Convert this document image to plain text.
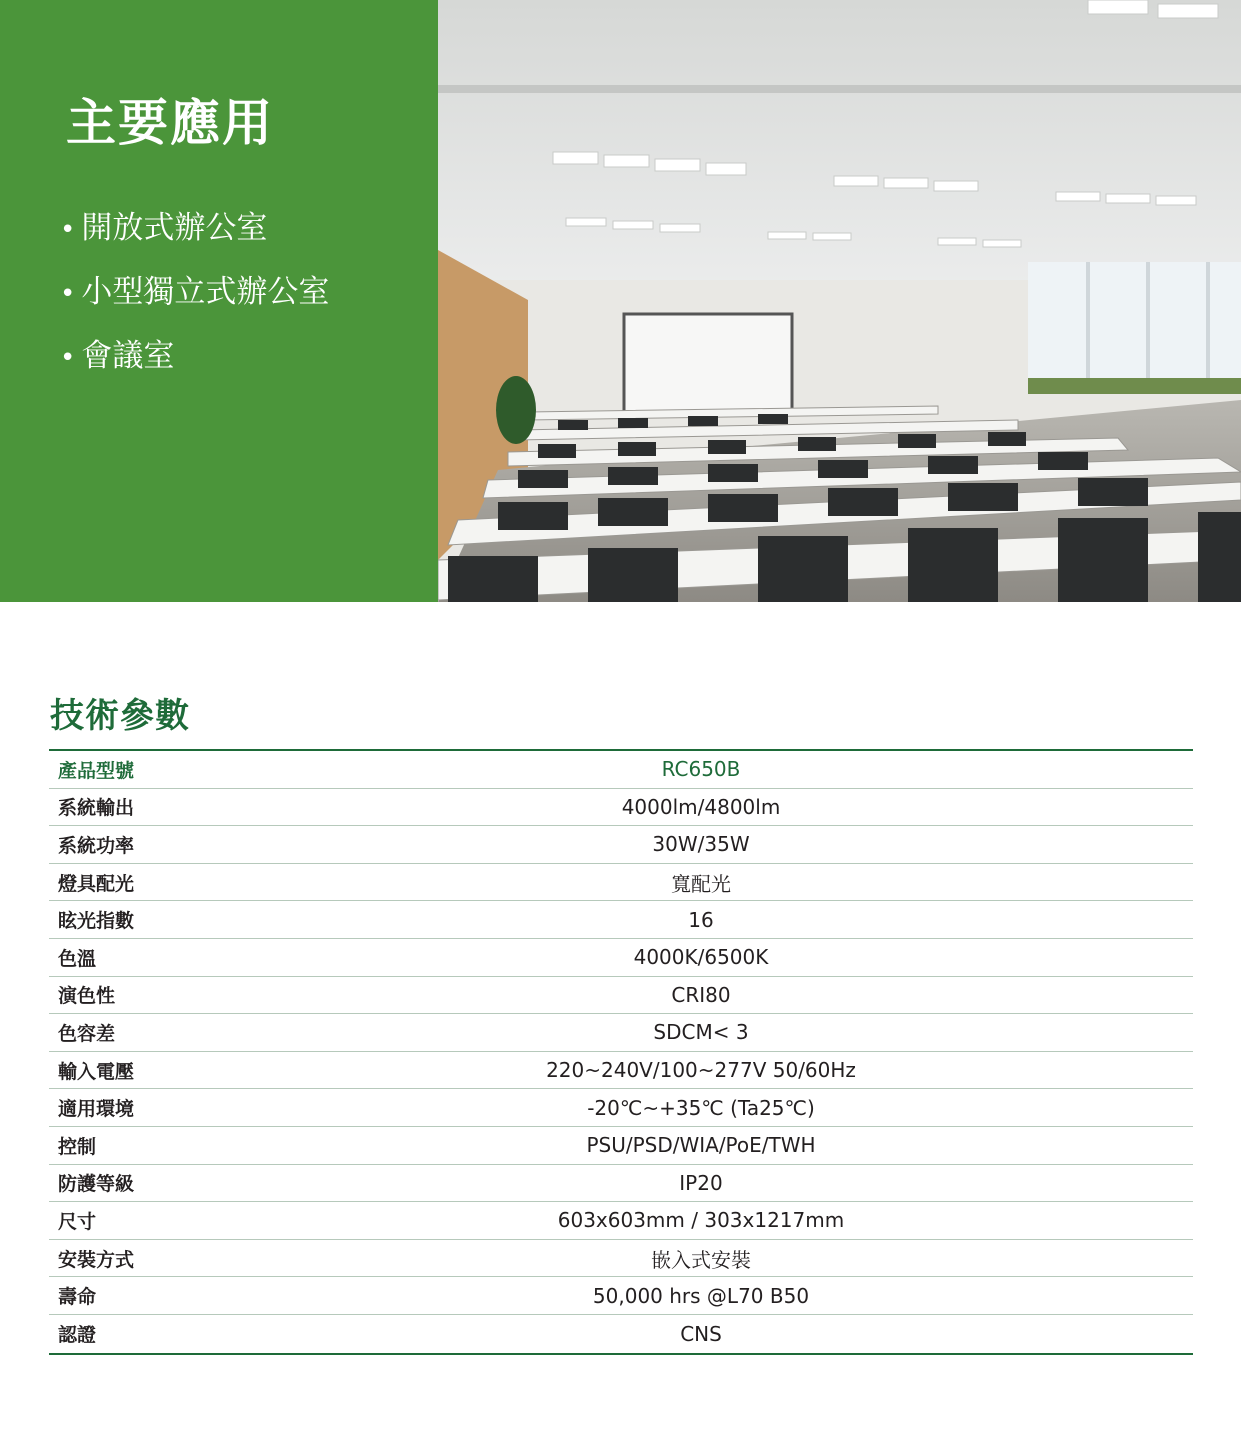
主要應用
• 開放式辦公室
• 小型獨立式辦公室
• 會議室
技術參數
產品型號	RC650B
系統輸出	4000lm/4800lm
系統功率	30W/35W
燈具配光	寬配光
眩光指數	16
色溫	4000K/6500K
演色性	CRI80
色容差	SDCM< 3
輸入電壓	220~240V/100~277V 50/60Hz
適用環境	-20℃~+35℃ (Ta25℃)
控制	PSU/PSD/WIA/PoE/TWH
防護等級	IP20
尺寸	603x603mm / 303x1217mm
安裝方式	嵌入式安裝
壽命	50,000 hrs @L70 B50
認證	CNS
